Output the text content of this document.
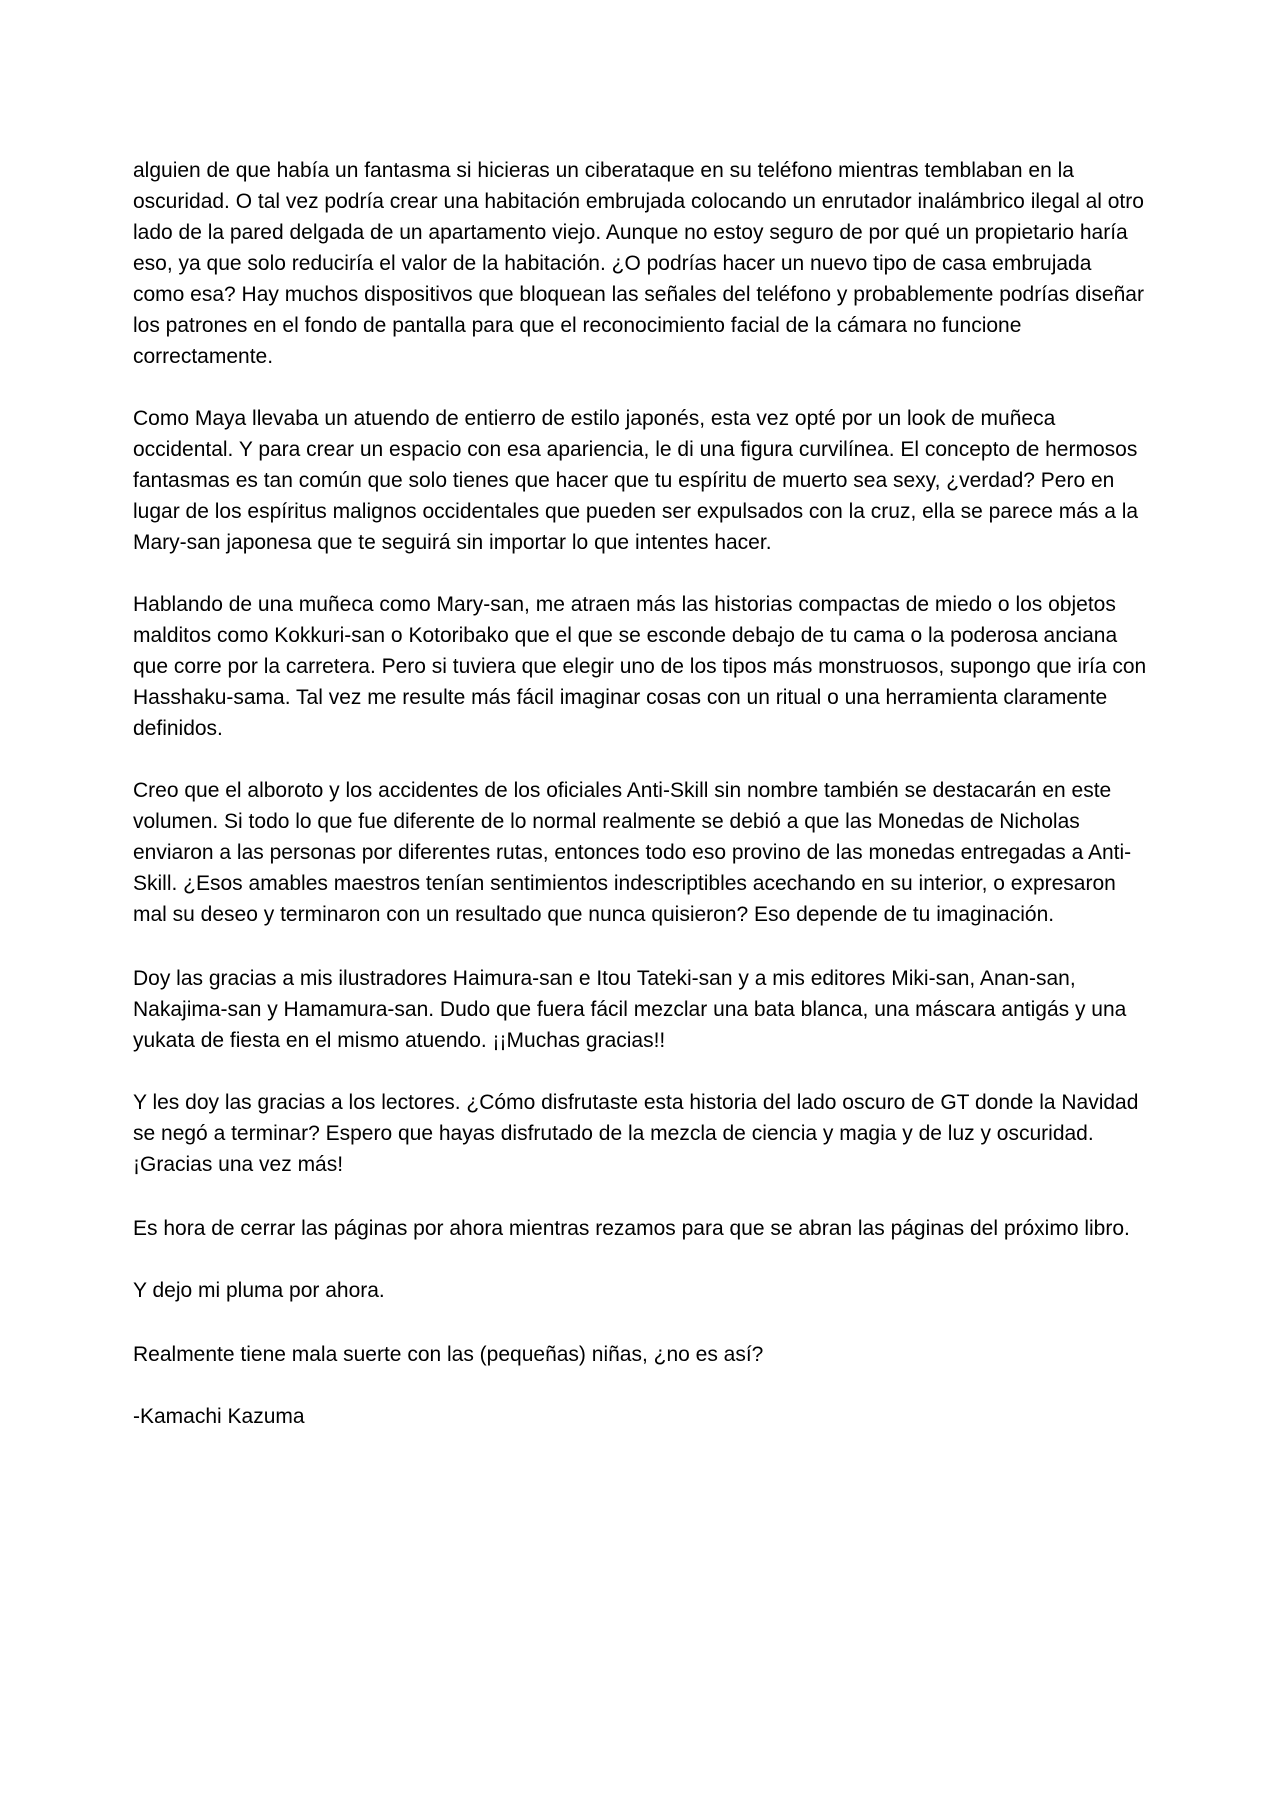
alguien de que había un fantasma si hicieras un ciberataque en su teléfono mientras temblaban en la oscuridad. O tal vez podría crear una habitación embrujada colocando un enrutador inalámbrico ilegal al otro lado de la pared delgada de un apartamento viejo. Aunque no estoy seguro de por qué un propietario haría eso, ya que solo reduciría el valor de la habitación. ¿O podrías hacer un nuevo tipo de casa embrujada como esa? Hay muchos dispositivos que bloquean las señales del teléfono y probablemente podrías diseñar los patrones en el fondo de pantalla para que el reconocimiento facial de la cámara no funcione correctamente.

Como Maya llevaba un atuendo de entierro de estilo japonés, esta vez opté por un look de muñeca occidental. Y para crear un espacio con esa apariencia, le di una figura curvilínea. El concepto de hermosos fantasmas es tan común que solo tienes que hacer que tu espíritu de muerto sea sexy, ¿verdad? Pero en lugar de los espíritus malignos occidentales que pueden ser expulsados con la cruz, ella se parece más a la Mary-san japonesa que te seguirá sin importar lo que intentes hacer.

Hablando de una muñeca como Mary-san, me atraen más las historias compactas de miedo o los objetos malditos como Kokkuri-san o Kotoribako que el que se esconde debajo de tu cama o la poderosa anciana que corre por la carretera. Pero si tuviera que elegir uno de los tipos más monstruosos, supongo que iría con Hasshaku-sama. Tal vez me resulte más fácil imaginar cosas con un ritual o una herramienta claramente definidos.

Creo que el alboroto y los accidentes de los oficiales Anti-Skill sin nombre también se destacarán en este volumen. Si todo lo que fue diferente de lo normal realmente se debió a que las Monedas de Nicholas enviaron a las personas por diferentes rutas, entonces todo eso provino de las monedas entregadas a Anti-Skill. ¿Esos amables maestros tenían sentimientos indescriptibles acechando en su interior, o expresaron mal su deseo y terminaron con un resultado que nunca quisieron? Eso depende de tu imaginación.

Doy las gracias a mis ilustradores Haimura-san e Itou Tateki-san y a mis editores Miki-san, Anan-san, Nakajima-san y Hamamura-san. Dudo que fuera fácil mezclar una bata blanca, una máscara antigás y una yukata de fiesta en el mismo atuendo. ¡¡Muchas gracias!!

Y les doy las gracias a los lectores. ¿Cómo disfrutaste esta historia del lado oscuro de GT donde la Navidad se negó a terminar? Espero que hayas disfrutado de la mezcla de ciencia y magia y de luz y oscuridad. ¡Gracias una vez más!

Es hora de cerrar las páginas por ahora mientras rezamos para que se abran las páginas del próximo libro.

Y dejo mi pluma por ahora.

Realmente tiene mala suerte con las (pequeñas) niñas, ¿no es así?

-Kamachi Kazuma
